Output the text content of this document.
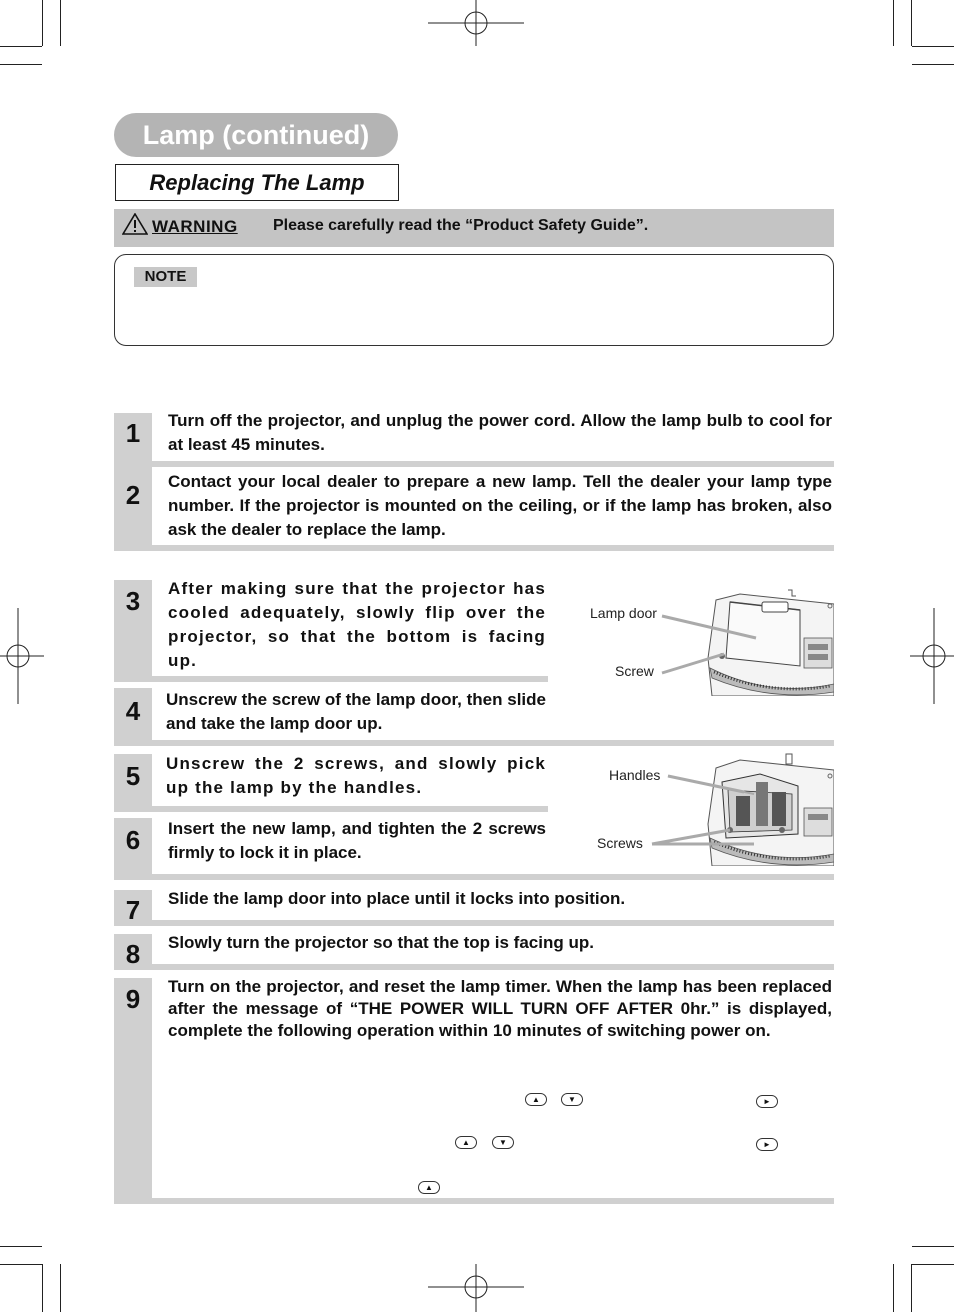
Lamp (continued)
Replacing The Lamp
WARNING Please carefully read the “Product Safety Guide”.
NOTE
1	Turn off the projector, and unplug the power cord. Allow the lamp bulb to cool for at least 45 minutes.
2	Contact your local dealer to prepare a new lamp. Tell the dealer your lamp type number. If the projector is mounted on the ceiling, or if the lamp has broken, also ask the dealer to replace the lamp.
3	After making sure that the projector has cooled adequately, slowly flip over the projector, so that the bottom is facing up.
4	Unscrew the screw of the lamp door, then slide and take the lamp door up.
5	Unscrew the 2 screws, and slowly pick up the lamp by the handles.
6	Insert the new lamp, and tighten the 2 screws firmly to lock it in place.
7	Slide the lamp door into place until it locks into position.
8	Slowly turn the projector so that the top is facing up.
9	Turn on the projector, and reset the lamp timer. When the lamp has been replaced after the message of “THE POWER WILL TURN OFF AFTER 0hr.” is displayed, complete the following operation within 10 minutes of switching power on.
▲	▼	►
▲	▼	►
▲
Lamp door
Screw
Handles
Screws
